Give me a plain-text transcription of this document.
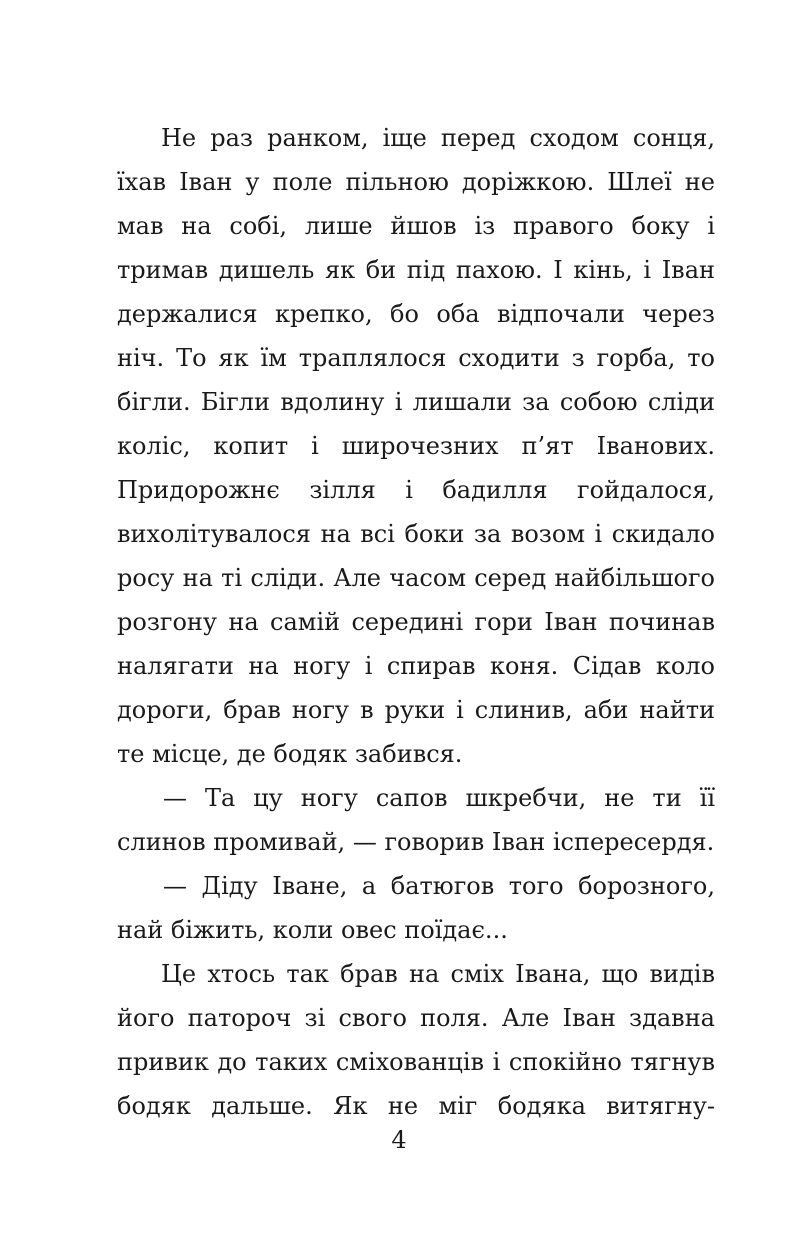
Не раз ранком, іще перед сходом сонця, їхав Іван у поле пільною доріжкою. Шлеї не мав на собі, лише йшов із правого боку і тримав дишель як би під пахою. І кінь, і Іван держалися крепко, бо оба відпочали через ніч. То як їм траплялося сходити з горба, то бігли. Бігли вдолину і лишали за собою сліди коліс, копит і широчезних п’ят Іванових. Придорожнє зілля і бадилля гойдалося, вихолітувалося на всі боки за возом і скидало росу на ті сліди. Але часом серед найбільшого розгону на самій середині гори Іван починав налягати на ногу і спирав коня. Сідав коло дороги, брав ногу в руки і слинив, аби найти те місце, де бодяк забився.

— Та цу ногу сапов шкребчи, не ти її слинов промивай, — говорив Іван іспересердя.

— Діду Іване, а батюгов того борозного, най біжить, коли овес поїдає...

Це хтось так брав на сміх Івана, що видів його паторoч зі свого поля. Але Іван здавна привик до таких сміхованців і спокійно тягнув бодяк дальше. Як не міг бодяка витягну-

4
